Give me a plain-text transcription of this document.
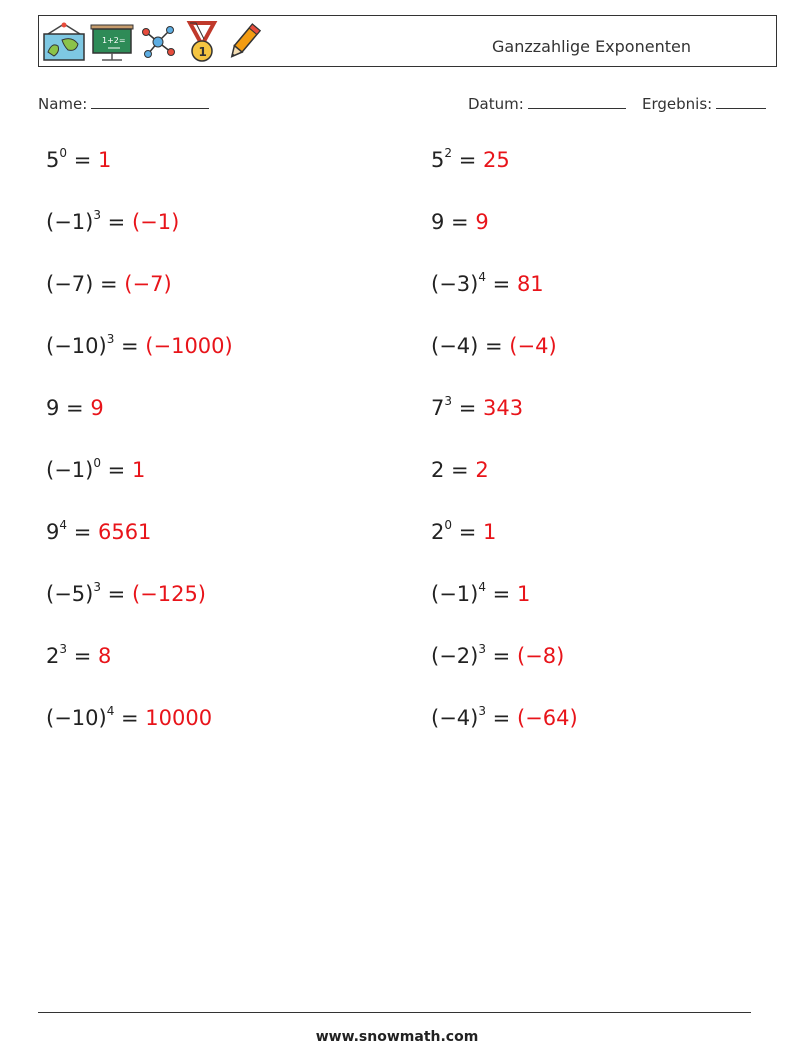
1+2=
1	Ganzzahlige Exponenten
Name:	Datum:	Ergebnis:
$5^0 = 1$
$(-1)^3 = (-1)$
(−7) = (−7)
$(-10)^3 = (-1000)$
9 = 9
$(-1)^0 = 1$
$9^4 = 6561$
$(-5)^3 = (-125)$
$2^3 = 8$
$(-10)^4 = 10000$
$5^2 = 25$
9 = 9
$(-3)^4 = 81$
(−4) = (−4)
$7^3 = 343$
2 = 2
$2^0 = 1$
$(-1)^4 = 1$
$(-2)^3 = (-8)$
$(-4)^3 = (-64)$
www.snowmath.com
